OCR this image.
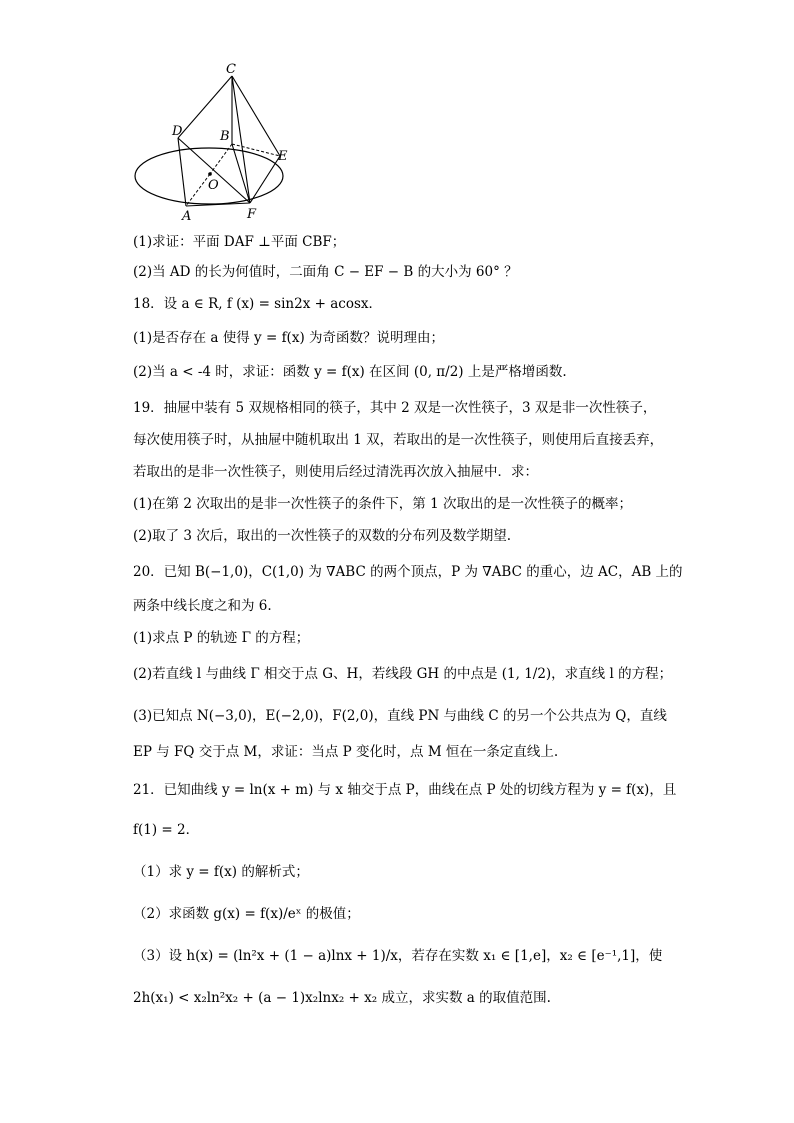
C
D	B
E
O
A	F
(1)求证：平面 DAF ⊥平面 CBF；
(2)当 AD 的长为何值时，二面角 C − EF − B 的大小为 60° ？
18．设 a ∈ R, f (x) = sin2x + acosx．
(1)是否存在 a 使得 y = f(x) 为奇函数？说明理由；
(2)当 a < -4 时，求证：函数 y = f(x) 在区间 (0, π/2) 上是严格增函数.
19．抽屉中装有 5 双规格相同的筷子，其中 2 双是一次性筷子，3 双是非一次性筷子，
每次使用筷子时，从抽屉中随机取出 1 双，若取出的是一次性筷子，则使用后直接丢弃，
若取出的是非一次性筷子，则使用后经过清洗再次放入抽屉中．求：
(1)在第 2 次取出的是非一次性筷子的条件下，第 1 次取出的是一次性筷子的概率；
(2)取了 3 次后，取出的一次性筷子的双数的分布列及数学期望.
20．已知 B(−1,0)，C(1,0) 为 ∇ABC 的两个顶点，P 为 ∇ABC 的重心，边 AC，AB 上的
两条中线长度之和为 6.
(1)求点 P 的轨迹 Γ 的方程；
(2)若直线 l 与曲线 Γ 相交于点 G、H，若线段 GH 的中点是 (1, 1/2)，求直线 l 的方程；
(3)已知点 N(−3,0)，E(−2,0)，F(2,0)，直线 PN 与曲线 C 的另一个公共点为 Q，直线
EP 与 FQ 交于点 M，求证：当点 P 变化时，点 M 恒在一条定直线上.
21．已知曲线 y = ln(x + m) 与 x 轴交于点 P，曲线在点 P 处的切线方程为 y = f(x)，且
f(1) = 2．
（1）求 y = f(x) 的解析式；
（2）求函数 g(x) = f(x)/eˣ 的极值；
（3）设 h(x) = (ln²x + (1 − a)lnx + 1)/x，若存在实数 x₁ ∈ [1,e]，x₂ ∈ [e⁻¹,1]，使
2h(x₁) < x₂ln²x₂ + (a − 1)x₂lnx₂ + x₂ 成立，求实数 a 的取值范围.
